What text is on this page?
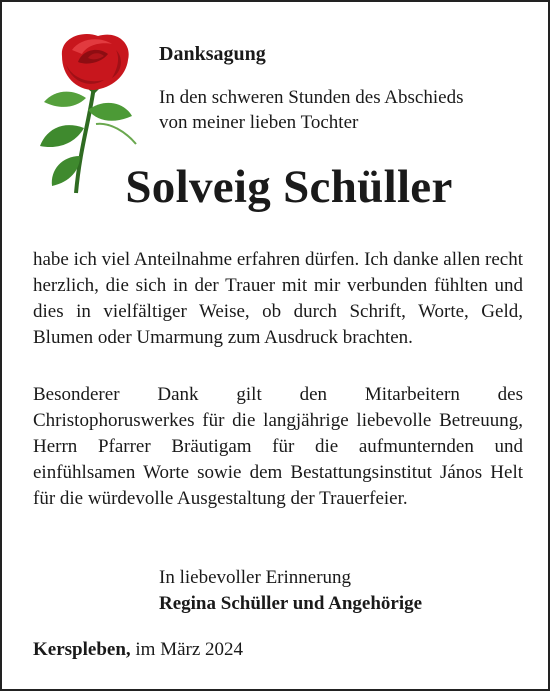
Danksagung
In den schweren Stunden des Abschieds
von meiner lieben Tochter
Solveig Schüller
habe ich viel Anteilnahme erfahren dürfen. Ich danke allen recht herzlich, die sich in der Trauer mit mir verbunden fühlten und dies in vielfältiger Weise, ob durch Schrift, Worte, Geld, Blumen oder Umarmung zum Ausdruck brachten.
Besonderer Dank gilt den Mitarbeitern des Christophoruswerkes für die langjährige liebevolle Betreuung, Herrn Pfarrer Bräutigam für die aufmunternden und einfühlsamen Worte sowie dem Bestattungsinstitut János Helt für die würdevolle Ausgestaltung der Trauerfeier.
In liebevoller Erinnerung
Regina Schüller und Angehörige
Kerspleben, im März 2024
